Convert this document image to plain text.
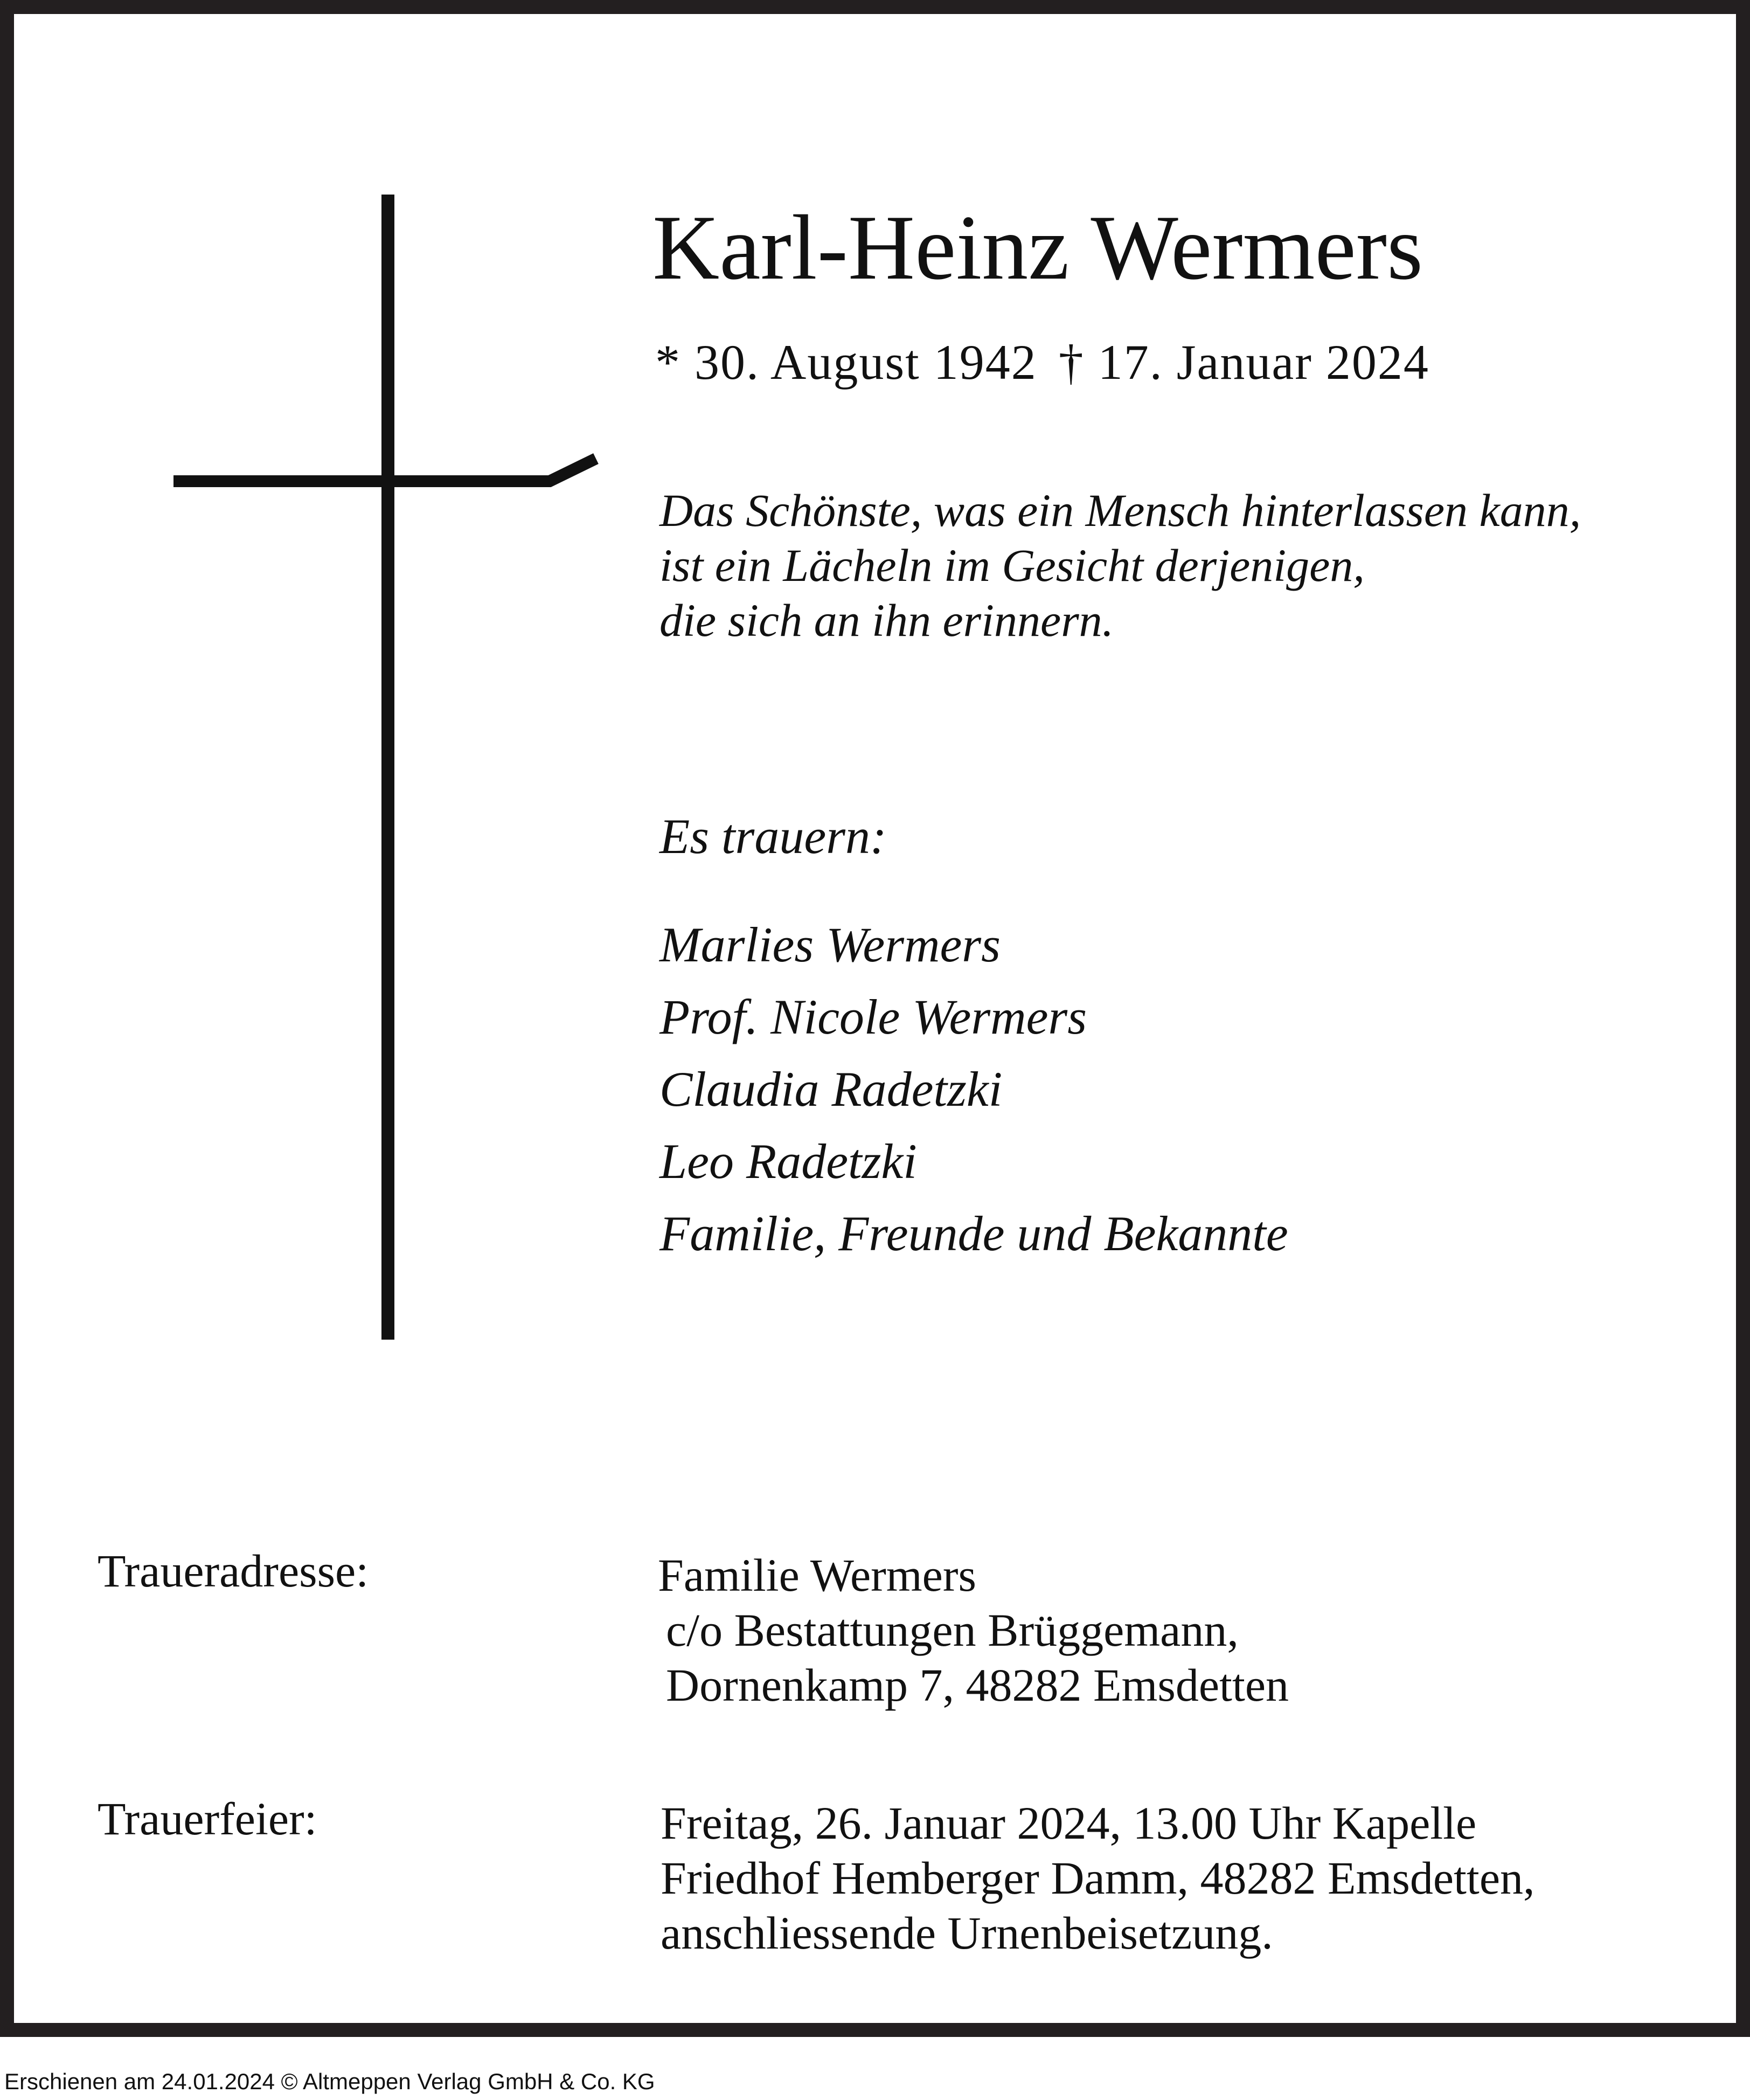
Karl-Heinz Wermers
* 30. August 1942 † 17. Januar 2024
Das Schönste, was ein Mensch hinterlassen kann,
ist ein Lächeln im Gesicht derjenigen,
die sich an ihn erinnern.
Es trauern:
Marlies Wermers
Prof. Nicole Wermers
Claudia Radetzki
Leo Radetzki
Familie, Freunde und Bekannte
Traueradresse:	Familie Wermers
c/o Bestattungen Brüggemann,
Dornenkamp 7, 48282 Emsdetten
Trauerfeier:	Freitag, 26. Januar 2024, 13.00 Uhr Kapelle
Friedhof Hemberger Damm, 48282 Emsdetten,
anschliessende Urnenbeisetzung.
Erschienen am 24.01.2024 © Altmeppen Verlag GmbH & Co. KG
